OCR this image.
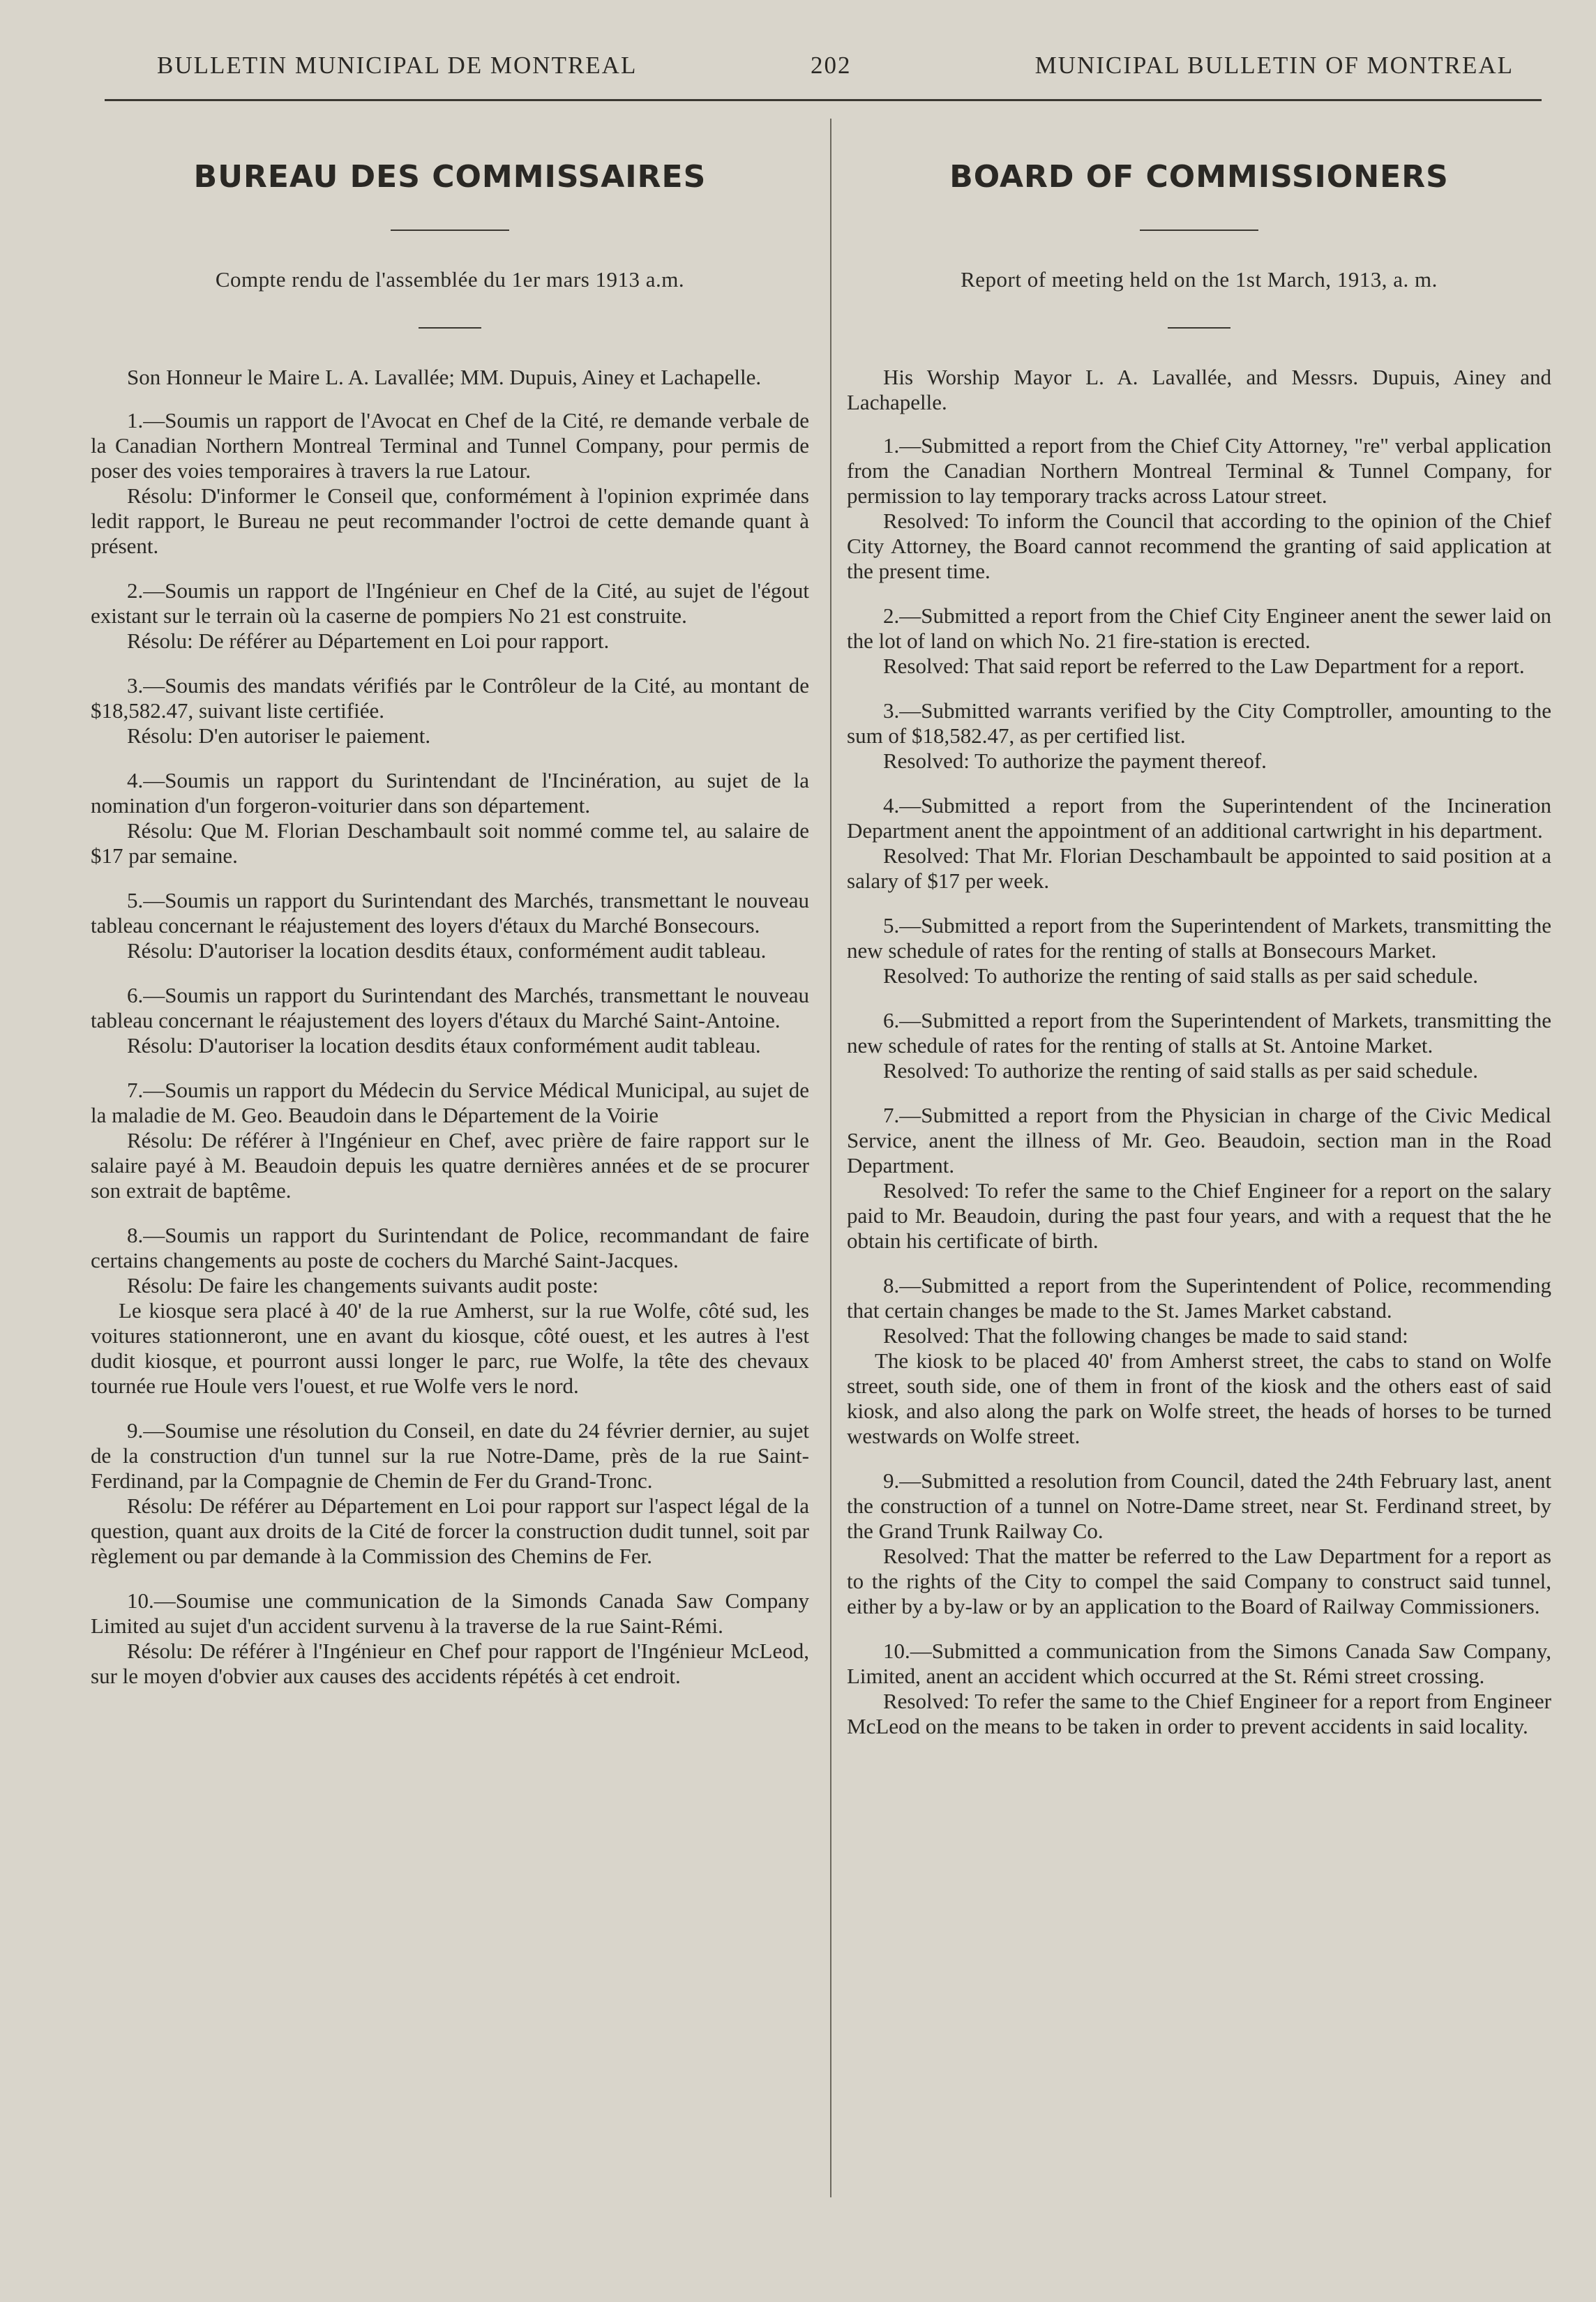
BULLETIN MUNICIPAL DE MONTREAL	202	MUNICIPAL BULLETIN OF MONTREAL
BUREAU DES COMMISSAIRES
Compte rendu de l'assemblée du 1er mars 1913 a.m.

Son Honneur le Maire L. A. Lavallée; MM. Dupuis, Ainey et Lachapelle.

1.—Soumis un rapport de l'Avocat en Chef de la Cité, re demande verbale de la Canadian Northern Montreal Terminal and Tunnel Company, pour permis de poser des voies temporaires à travers la rue Latour.

Résolu: D'informer le Conseil que, conformément à l'opinion exprimée dans ledit rapport, le Bureau ne peut recommander l'octroi de cette demande quant à présent.

2.—Soumis un rapport de l'Ingénieur en Chef de la Cité, au sujet de l'égout existant sur le terrain où la caserne de pompiers No 21 est construite.

Résolu: De référer au Département en Loi pour rapport.

3.—Soumis des mandats vérifiés par le Contrôleur de la Cité, au montant de $18,582.47, suivant liste certifiée.

Résolu: D'en autoriser le paiement.

4.—Soumis un rapport du Surintendant de l'Incinération, au sujet de la nomination d'un forgeron-voiturier dans son département.

Résolu: Que M. Florian Deschambault soit nommé comme tel, au salaire de $17 par semaine.

5.—Soumis un rapport du Surintendant des Marchés, transmettant le nouveau tableau concernant le réajustement des loyers d'étaux du Marché Bonsecours.

Résolu: D'autoriser la location desdits étaux, conformément audit tableau.

6.—Soumis un rapport du Surintendant des Marchés, transmettant le nouveau tableau concernant le réajustement des loyers d'étaux du Marché Saint-Antoine.

Résolu: D'autoriser la location desdits étaux conformément audit tableau.

7.—Soumis un rapport du Médecin du Service Médical Municipal, au sujet de la maladie de M. Geo. Beaudoin dans le Département de la Voirie

Résolu: De référer à l'Ingénieur en Chef, avec prière de faire rapport sur le salaire payé à M. Beaudoin depuis les quatre dernières années et de se procurer son extrait de baptême.

8.—Soumis un rapport du Surintendant de Police, recommandant de faire certains changements au poste de cochers du Marché Saint-Jacques.

Résolu: De faire les changements suivants audit poste:

Le kiosque sera placé à 40' de la rue Amherst, sur la rue Wolfe, côté sud, les voitures stationneront, une en avant du kiosque, côté ouest, et les autres à l'est dudit kiosque, et pourront aussi longer le parc, rue Wolfe, la tête des chevaux tournée rue Houle vers l'ouest, et rue Wolfe vers le nord.

9.—Soumise une résolution du Conseil, en date du 24 février dernier, au sujet de la construction d'un tunnel sur la rue Notre-Dame, près de la rue Saint-Ferdinand, par la Compagnie de Chemin de Fer du Grand-Tronc.

Résolu: De référer au Département en Loi pour rapport sur l'aspect légal de la question, quant aux droits de la Cité de forcer la construction dudit tunnel, soit par règlement ou par demande à la Commission des Chemins de Fer.

10.—Soumise une communication de la Simonds Canada Saw Company Limited au sujet d'un accident survenu à la traverse de la rue Saint-Rémi.

Résolu: De référer à l'Ingénieur en Chef pour rapport de l'Ingénieur McLeod, sur le moyen d'obvier aux causes des accidents répétés à cet endroit.

BOARD OF COMMISSIONERS
Report of meeting held on the 1st March, 1913, a. m.

His Worship Mayor L. A. Lavallée, and Messrs. Dupuis, Ainey and Lachapelle.

1.—Submitted a report from the Chief City Attorney, "re" verbal application from the Canadian Northern Montreal Terminal & Tunnel Company, for permission to lay temporary tracks across Latour street.

Resolved: To inform the Council that according to the opinion of the Chief City Attorney, the Board cannot recommend the granting of said application at the present time.

2.—Submitted a report from the Chief City Engineer anent the sewer laid on the lot of land on which No. 21 fire-station is erected.

Resolved: That said report be referred to the Law Department for a report.

3.—Submitted warrants verified by the City Comptroller, amounting to the sum of $18,582.47, as per certified list.

Resolved: To authorize the payment thereof.

4.—Submitted a report from the Superintendent of the Incineration Department anent the appointment of an additional cartwright in his department.

Resolved: That Mr. Florian Deschambault be appointed to said position at a salary of $17 per week.

5.—Submitted a report from the Superintendent of Markets, transmitting the new schedule of rates for the renting of stalls at Bonsecours Market.

Resolved: To authorize the renting of said stalls as per said schedule.

6.—Submitted a report from the Superintendent of Markets, transmitting the new schedule of rates for the renting of stalls at St. Antoine Market.

Resolved: To authorize the renting of said stalls as per said schedule.

7.—Submitted a report from the Physician in charge of the Civic Medical Service, anent the illness of Mr. Geo. Beaudoin, section man in the Road Department.

Resolved: To refer the same to the Chief Engineer for a report on the salary paid to Mr. Beaudoin, during the past four years, and with a request that the he obtain his certificate of birth.

8.—Submitted a report from the Superintendent of Police, recommending that certain changes be made to the St. James Market cabstand.

Resolved: That the following changes be made to said stand:

The kiosk to be placed 40' from Amherst street, the cabs to stand on Wolfe street, south side, one of them in front of the kiosk and the others east of said kiosk, and also along the park on Wolfe street, the heads of horses to be turned westwards on Wolfe street.

9.—Submitted a resolution from Council, dated the 24th February last, anent the construction of a tunnel on Notre-Dame street, near St. Ferdinand street, by the Grand Trunk Railway Co.

Resolved: That the matter be referred to the Law Department for a report as to the rights of the City to compel the said Company to construct said tunnel, either by a by-law or by an application to the Board of Railway Commissioners.

10.—Submitted a communication from the Simons Canada Saw Company, Limited, anent an accident which occurred at the St. Rémi street crossing.

Resolved: To refer the same to the Chief Engineer for a report from Engineer McLeod on the means to be taken in order to prevent accidents in said locality.
